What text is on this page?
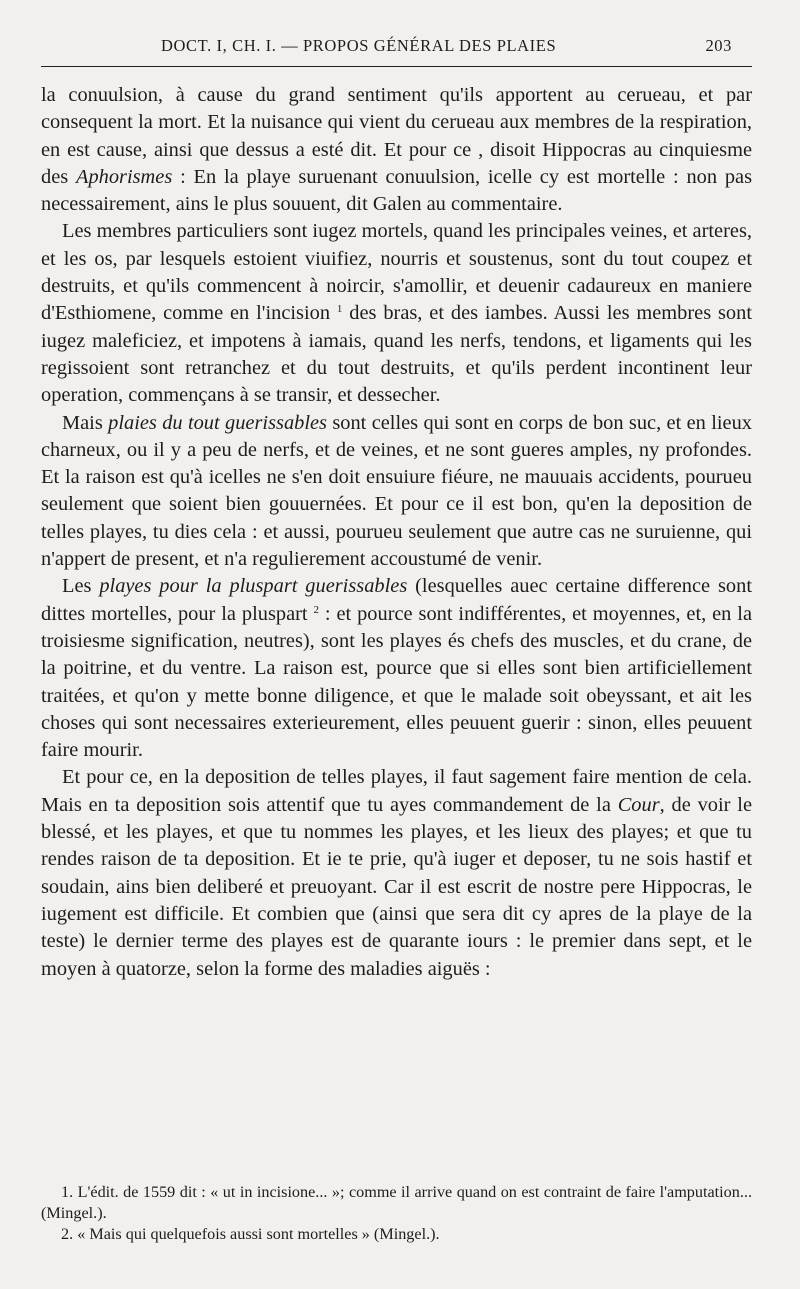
DOCT. I, CH. I. — PROPOS GÉNÉRAL DES PLAIES	203

la conuulsion, à cause du grand sentiment qu'ils apportent au cerueau, et par consequent la mort. Et la nuisance qui vient du cerueau aux membres de la respiration, en est cause, ainsi que dessus a esté dit. Et pour ce , disoit Hippocras au cinquiesme des Aphorismes : En la playe suruenant conuulsion, icelle cy est mortelle : non pas necessairement, ains le plus souuent, dit Galen au commentaire.

Les membres particuliers sont iugez mortels, quand les principales veines, et arteres, et les os, par lesquels estoient viuifiez, nourris et soustenus, sont du tout coupez et destruits, et qu'ils commencent à noircir, s'amollir, et deuenir cadaureux en maniere d'Esthiomene, comme en l'incision $^1$ des bras, et des iambes. Aussi les membres sont iugez maleficiez, et impotens à iamais, quand les nerfs, tendons, et ligaments qui les regissoient sont retranchez et du tout destruits, et qu'ils perdent incontinent leur operation, commençans à se transir, et dessecher.

Mais plaies du tout guerissables sont celles qui sont en corps de bon suc, et en lieux charneux, ou il y a peu de nerfs, et de veines, et ne sont gueres amples, ny profondes. Et la raison est qu'à icelles ne s'en doit ensuiure fiéure, ne mauuais accidents, pourueu seulement que soient bien gouuernées. Et pour ce il est bon, qu'en la deposition de telles playes, tu dies cela : et aussi, pourueu seulement que autre cas ne suruienne, qui n'appert de present, et n'a regulierement accoustumé de venir.

Les playes pour la pluspart guerissables (lesquelles auec certaine difference sont dittes mortelles, pour la pluspart $^2$ : et pource sont indifférentes, et moyennes, et, en la troisiesme signification, neutres), sont les playes és chefs des muscles, et du crane, de la poitrine, et du ventre. La raison est, pource que si elles sont bien artificiellement traitées, et qu'on y mette bonne diligence, et que le malade soit obeyssant, et ait les choses qui sont necessaires exterieurement, elles peuuent guerir : sinon, elles peuuent faire mourir.

Et pour ce, en la deposition de telles playes, il faut sagement faire mention de cela. Mais en ta deposition sois attentif que tu ayes commandement de la Cour, de voir le blessé, et les playes, et que tu nommes les playes, et les lieux des playes; et que tu rendes raison de ta deposition. Et ie te prie, qu'à iuger et deposer, tu ne sois hastif et soudain, ains bien deliberé et preuoyant. Car il est escrit de nostre pere Hippocras, le iugement est difficile. Et combien que (ainsi que sera dit cy apres de la playe de la teste) le dernier terme des playes est de quarante iours : le premier dans sept, et le moyen à quatorze, selon la forme des maladies aiguës :

1. L'édit. de 1559 dit : « ut in incisione... »; comme il arrive quand on est contraint de faire l'amputation... (Mingel.).

2. « Mais qui quelquefois aussi sont mortelles » (Mingel.).
